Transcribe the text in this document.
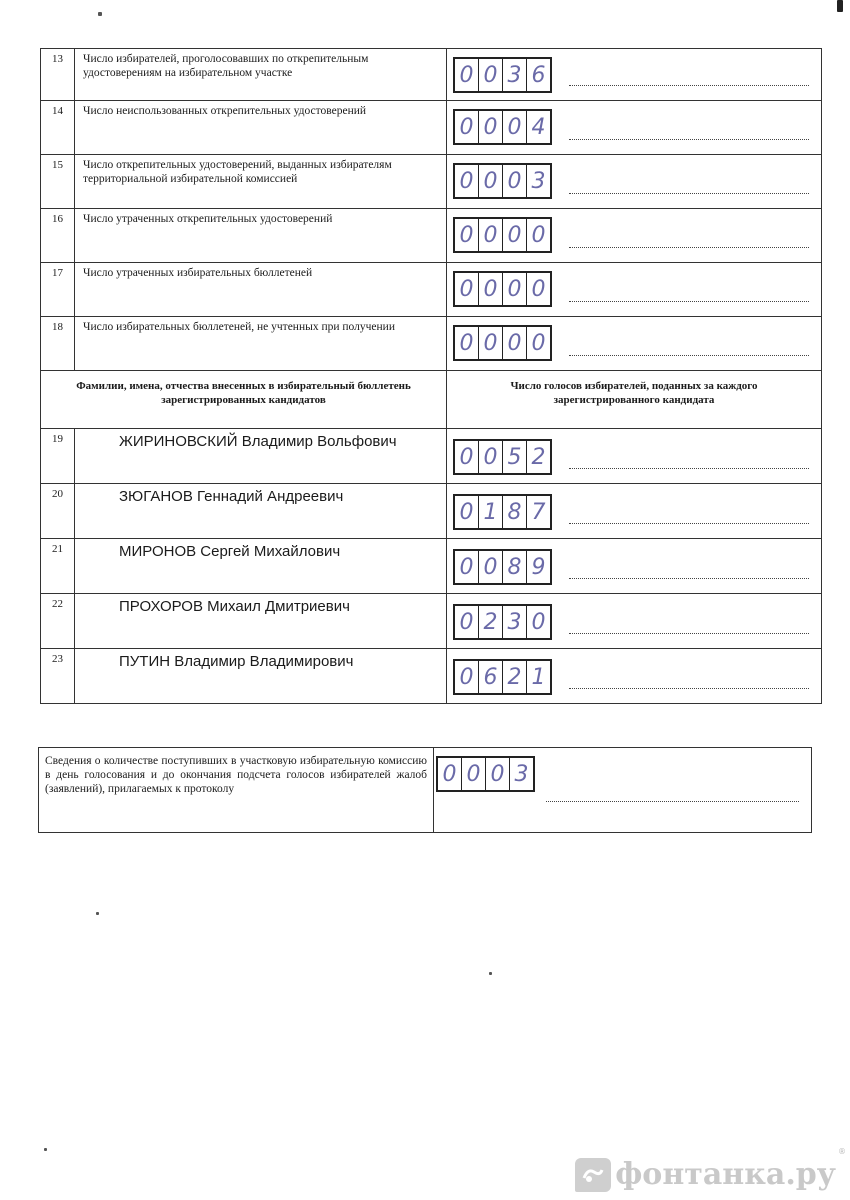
13	Число избирателей, проголосовавших по открепительным удостоверениям на избирательном участке	0 0 3 6	

14	Число неиспользованных открепительных удостоверений	0 0 0 4	

15	Число открепительных удостоверений, выданных избирателям территориальной избирательной комиссией	0 0 0 3	

16	Число утраченных открепительных удостоверений	0 0 0 0	

17	Число утраченных избирательных бюллетеней	0 0 0 0	

18	Число избирательных бюллетеней, не учтенных при получении	0 0 0 0	

Фамилии, имена, отчества внесенных в избирательный бюллетень зарегистрированных кандидатов		Число голосов избирателей, поданных за каждого зарегистрированного кандидата	
19	ЖИРИНОВСКИЙ Владимир Вольфович	0 0 5 2	

20	ЗЮГАНОВ Геннадий Андреевич	0 1 8 7	

21	МИРОНОВ Сергей Михайлович	0 0 8 9	

22	ПРОХОРОВ Михаил Дмитриевич	0 2 3 0	

23	ПУТИН Владимир Владимирович	0 6 2 1	

Сведения о количестве поступивших в участковую избирательную комиссию в день голосования и до окончания подсчета голосов избирателей жалоб (заявлений), прилагаемых к протоколу	
0 0 0 3
®
фонтанка.ру
